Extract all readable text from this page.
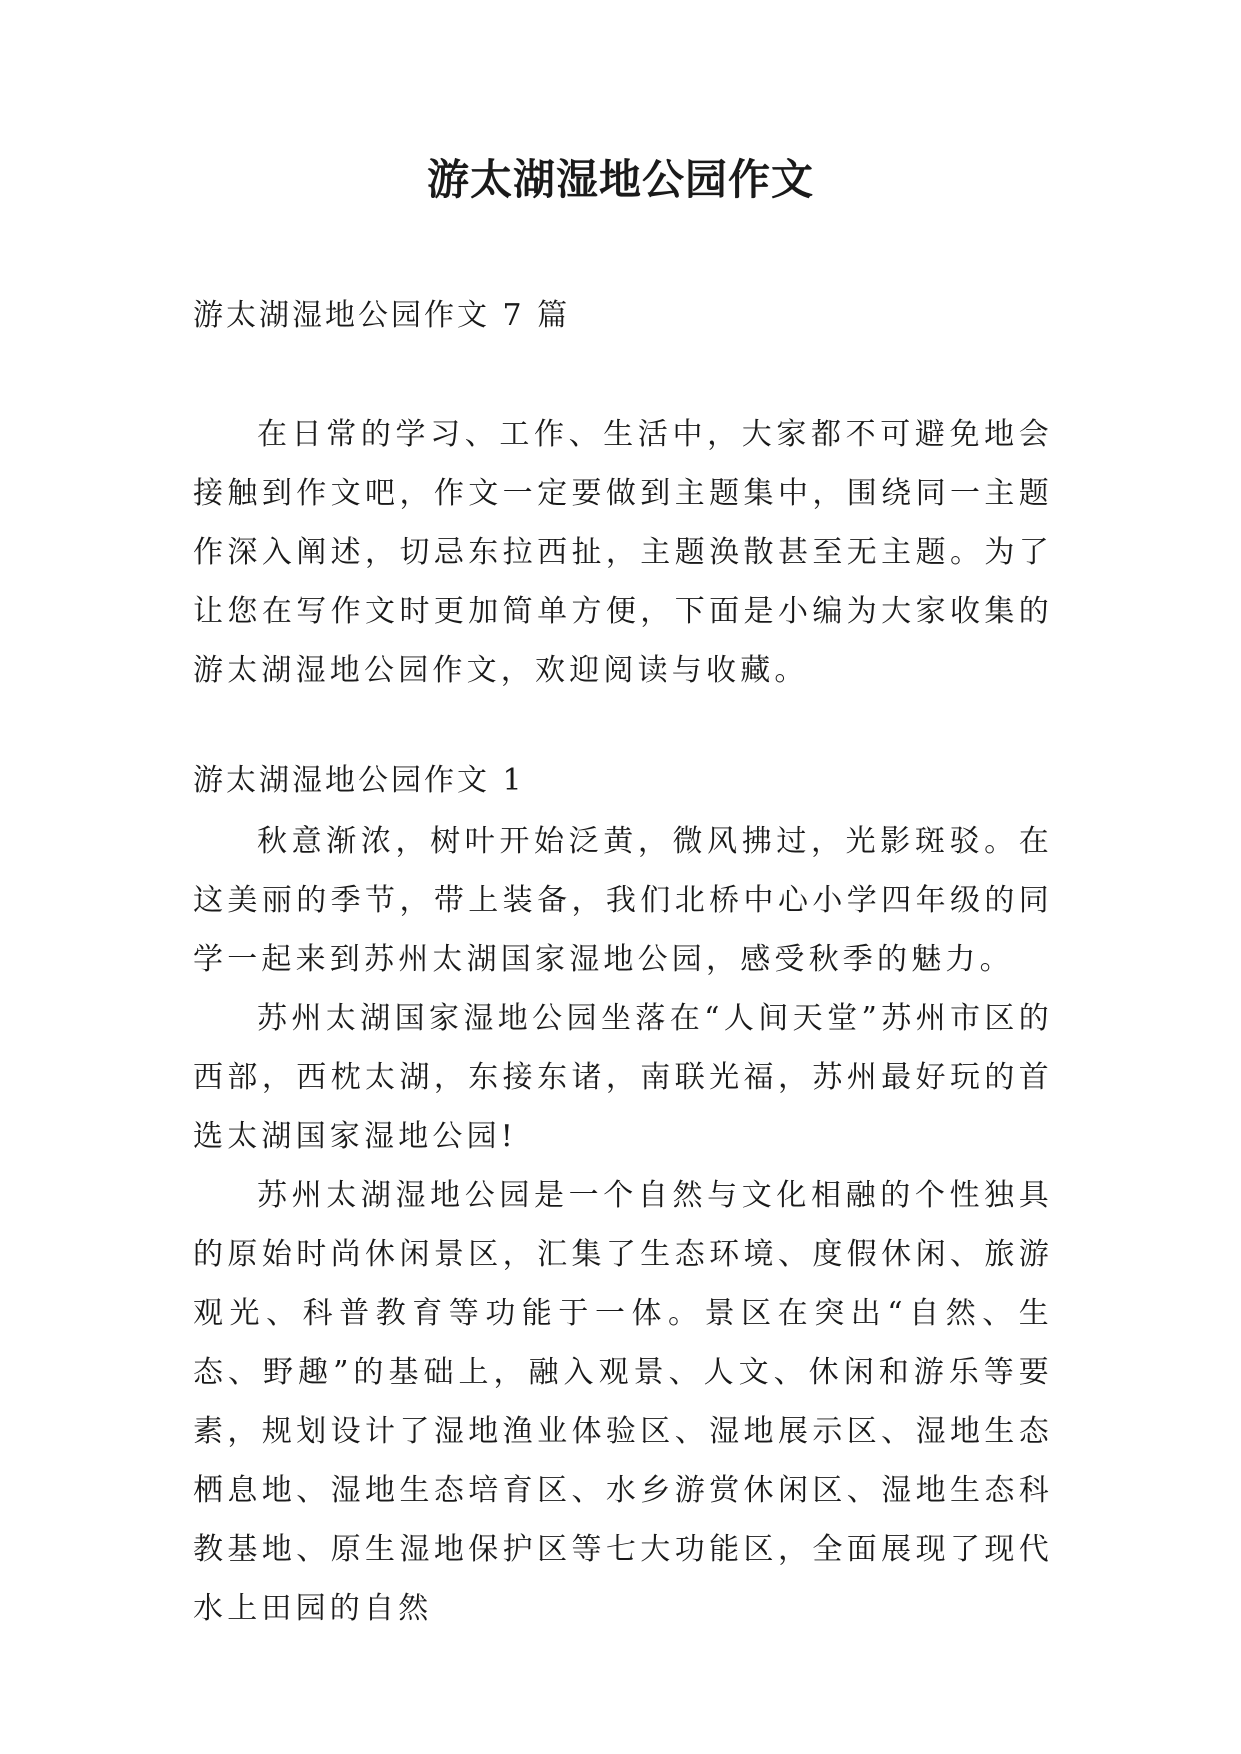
游太湖湿地公园作文
游太湖湿地公园作文 7 篇

在日常的学习、工作、生活中，大家都不可避免地会接触到作文吧，作文一定要做到主题集中，围绕同一主题作深入阐述，切忌东拉西扯，主题涣散甚至无主题。为了让您在写作文时更加简单方便，下面是小编为大家收集的游太湖湿地公园作文，欢迎阅读与收藏。

游太湖湿地公园作文 1

秋意渐浓，树叶开始泛黄，微风拂过，光影斑驳。在这美丽的季节，带上装备，我们北桥中心小学四年级的同学一起来到苏州太湖国家湿地公园，感受秋季的魅力。

苏州太湖国家湿地公园坐落在“人间天堂”苏州市区的西部，西枕太湖，东接东诸，南联光福，苏州最好玩的首选太湖国家湿地公园!

苏州太湖湿地公园是一个自然与文化相融的个性独具的原始时尚休闲景区，汇集了生态环境、度假休闲、旅游观光、科普教育等功能于一体。景区在突出“自然、生态、野趣”的基础上，融入观景、人文、休闲和游乐等要素，规划设计了湿地渔业体验区、湿地展示区、湿地生态栖息地、湿地生态培育区、水乡游赏休闲区、湿地生态科教基地、原生湿地保护区等七大功能区，全面展现了现代水上田园的自然
